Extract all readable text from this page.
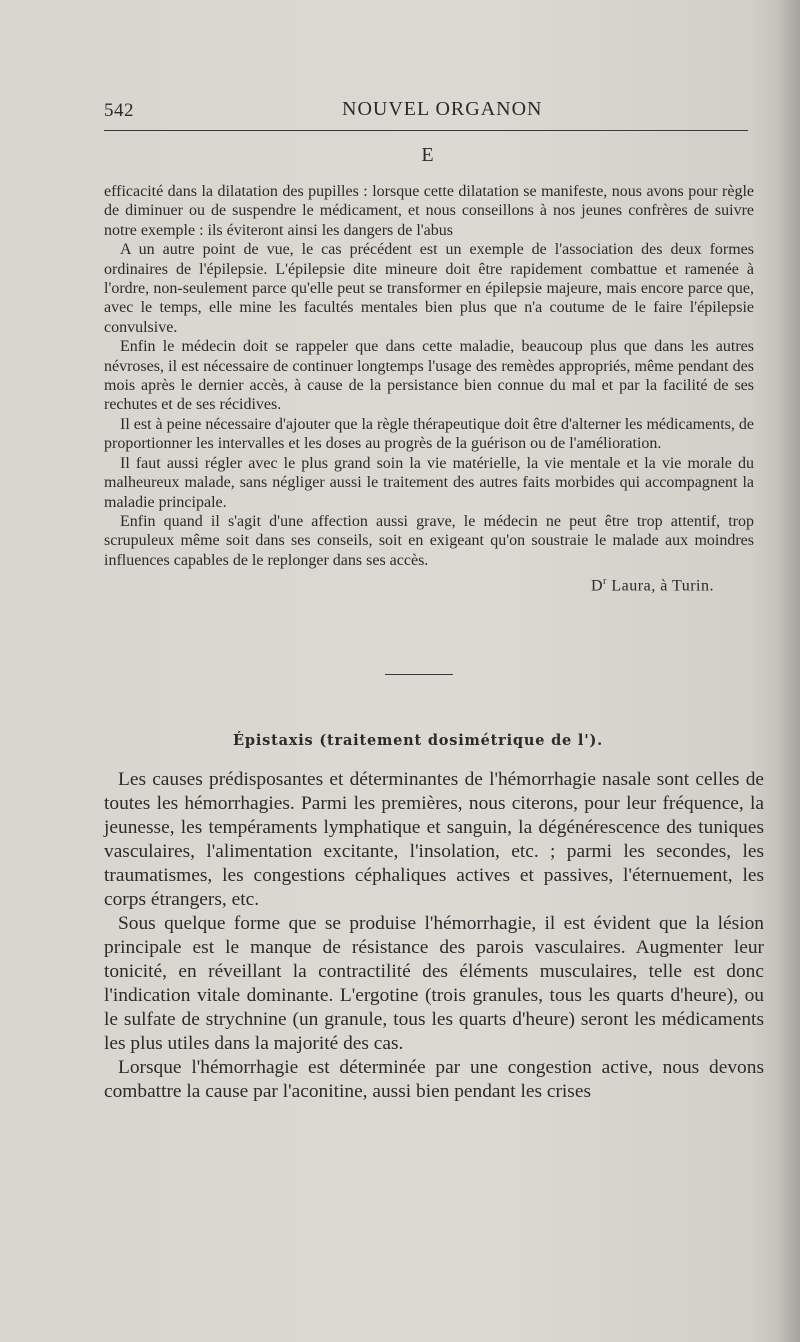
542	NOUVEL ORGANON
E

efficacité dans la dilatation des pupilles : lorsque cette dilatation se manifeste, nous avons pour règle de diminuer ou de suspendre le médicament, et nous conseillons à nos jeunes confrères de suivre notre exemple : ils éviteront ainsi les dangers de l'abus

A un autre point de vue, le cas précédent est un exemple de l'association des deux formes ordinaires de l'épilepsie. L'épilepsie dite mineure doit être rapidement combattue et ramenée à l'ordre, non-seulement parce qu'elle peut se transformer en épilepsie majeure, mais encore parce que, avec le temps, elle mine les facultés mentales bien plus que n'a coutume de le faire l'épilepsie convulsive.

Enfin le médecin doit se rappeler que dans cette maladie, beaucoup plus que dans les autres névroses, il est nécessaire de continuer longtemps l'usage des remèdes appropriés, même pendant des mois après le dernier accès, à cause de la persistance bien connue du mal et par la facilité de ses rechutes et de ses récidives.

Il est à peine nécessaire d'ajouter que la règle thérapeutique doit être d'alterner les médicaments, de proportionner les intervalles et les doses au progrès de la guérison ou de l'amélioration.

Il faut aussi régler avec le plus grand soin la vie matérielle, la vie mentale et la vie morale du malheureux malade, sans négliger aussi le traitement des autres faits morbides qui accompagnent la maladie principale.

Enfin quand il s'agit d'une affection aussi grave, le médecin ne peut être trop attentif, trop scrupuleux même soit dans ses conseils, soit en exigeant qu'on soustraie le malade aux moindres influences capables de le replonger dans ses accès.

$D^r$ Laura, à Turin.

Épistaxis (traitement dosimétrique de l').

Les causes prédisposantes et déterminantes de l'hémorrhagie nasale sont celles de toutes les hémorrhagies. Parmi les premières, nous citerons, pour leur fréquence, la jeunesse, les tempéraments lymphatique et sanguin, la dégénérescence des tuniques vasculaires, l'alimentation excitante, l'insolation, etc. ; parmi les secondes, les traumatismes, les congestions céphaliques actives et passives, l'éternuement, les corps étrangers, etc.

Sous quelque forme que se produise l'hémorrhagie, il est évident que la lésion principale est le manque de résistance des parois vasculaires. Augmenter leur tonicité, en réveillant la contractilité des éléments musculaires, telle est donc l'indication vitale dominante. L'ergotine (trois granules, tous les quarts d'heure), ou le sulfate de strychnine (un granule, tous les quarts d'heure) seront les médicaments les plus utiles dans la majorité des cas.

Lorsque l'hémorrhagie est déterminée par une congestion active, nous devons combattre la cause par l'aconitine, aussi bien pendant les crises
